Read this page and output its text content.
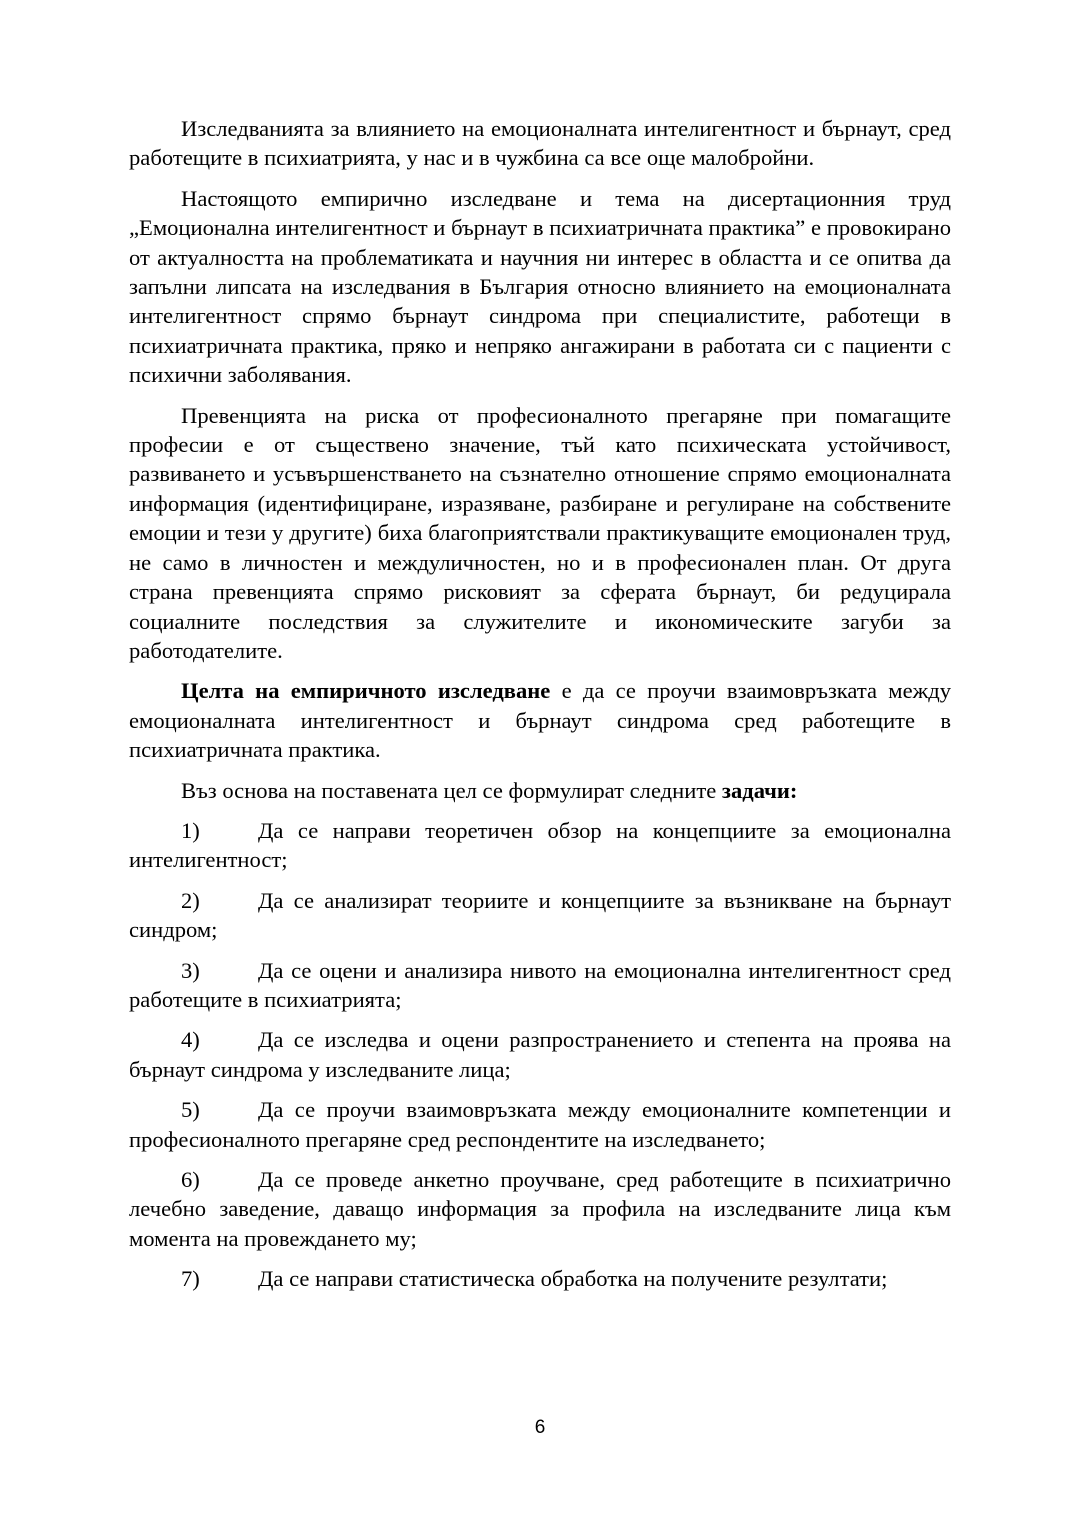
Изследванията за влиянието на емоционалната интелигентност и бърнаут, сред работещите в психиатрията, у нас и в чужбина са все още малобройни.

Настоящото емпирично изследване и тема на дисертационния труд „Емоционална интелигентност и бърнаут в психиатричната практика” е провокирано от актуалността на проблематиката и научния ни интерес в областта и се опитва да запълни липсата на изследвания в България относно влиянието на емоционалната интелигентност спрямо бърнаут синдрома при специалистите, работещи в психиатричната практика, пряко и непряко ангажирани в работата си с пациенти с психични заболявания.

Превенцията на риска от професионалното прегаряне при помагащите професии е от съществено значение, тъй като психическата устойчивост, развиването и усъвършенстването на съзнателно отношение спрямо емоционалната информация (идентифициране, изразяване, разбиране и регулиране на собствените емоции и тези у другите) биха благоприятствали практикуващите емоционален труд, не само в личностен и междуличностен, но и в професионален план. От друга страна превенцията спрямо рисковият за сферата бърнаут, би редуцирала социалните последствия за служителите и икономическите загуби за работодателите.

Целта на емпиричното изследване е да се проучи взаимовръзката между емоционалната интелигентност и бърнаут синдрома сред работещите в психиатричната практика.

Въз основа на поставената цел се формулират следните задачи:

1)	Да се направи теоретичен обзор на концепциите за емоционална интелигентност;

2)	Да се анализират теориите и концепциите за възникване на бърнаут синдром;

3)	Да се оцени и анализира нивото на емоционална интелигентност сред работещите в психиатрията;

4)	Да се изследва и оцени разпространението и степента на проява на бърнаут синдрома у изследваните лица;

5)	Да се проучи взаимовръзката между емоционалните компетенции и професионалното прегаряне сред респондентите на изследването;

6)	Да се проведе анкетно проучване, сред работещите в психиатрично лечебно заведение, даващо информация за профила на изследваните лица към момента на провеждането му;

7)	Да се направи статистическа обработка на получените резултати;

6
